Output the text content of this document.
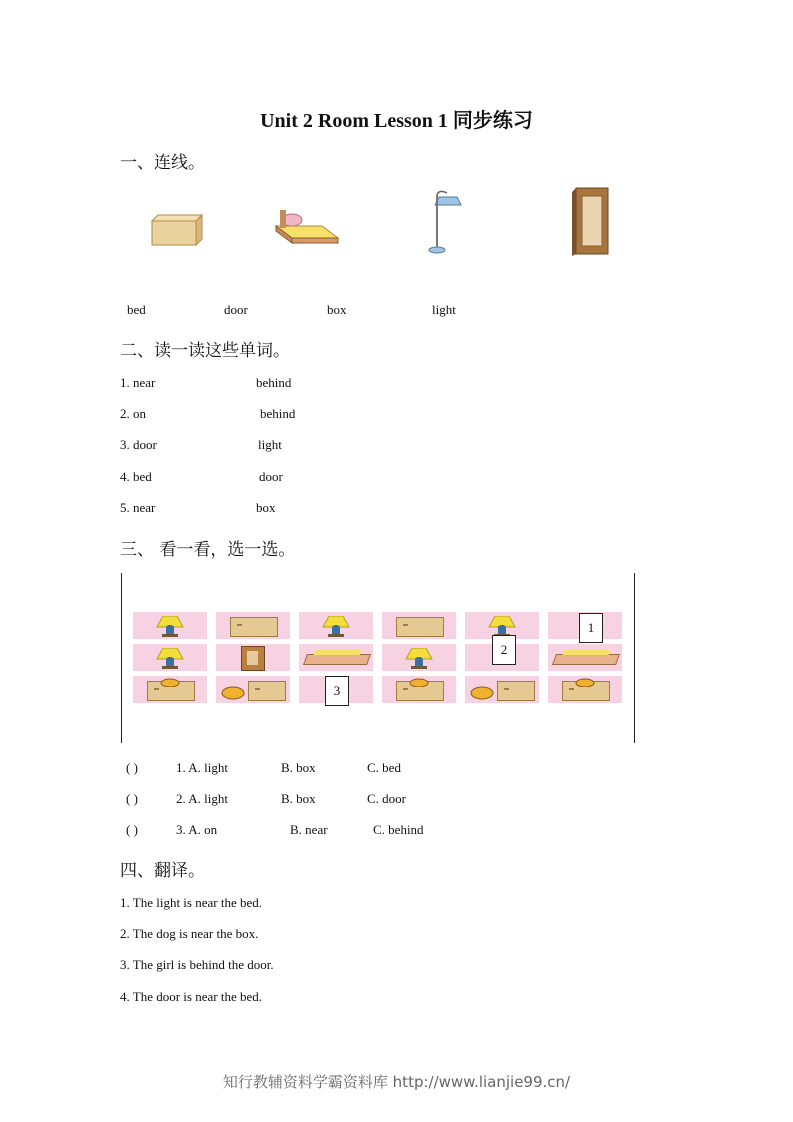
Unit 2 Room Lesson 1 同步练习
一、连线。
bed	door	box	light
二、读一读这些单词。
1. near	behind
2. on	behind
3. door	light
4. bed	door
5. near	box
三、 看一看，选一选。
1
2
3
( )	1. A. light	B. box	C. bed
( )	2. A. light	B. box	C. door
( )	3. A. on	B. near	C. behind
四、翻译。
1. The light is near the bed.
2. The dog is near the box.
3. The girl is behind the door.
4. The door is near the bed.
知行教辅资料学霸资料库 http://www.lianjie99.cn/
